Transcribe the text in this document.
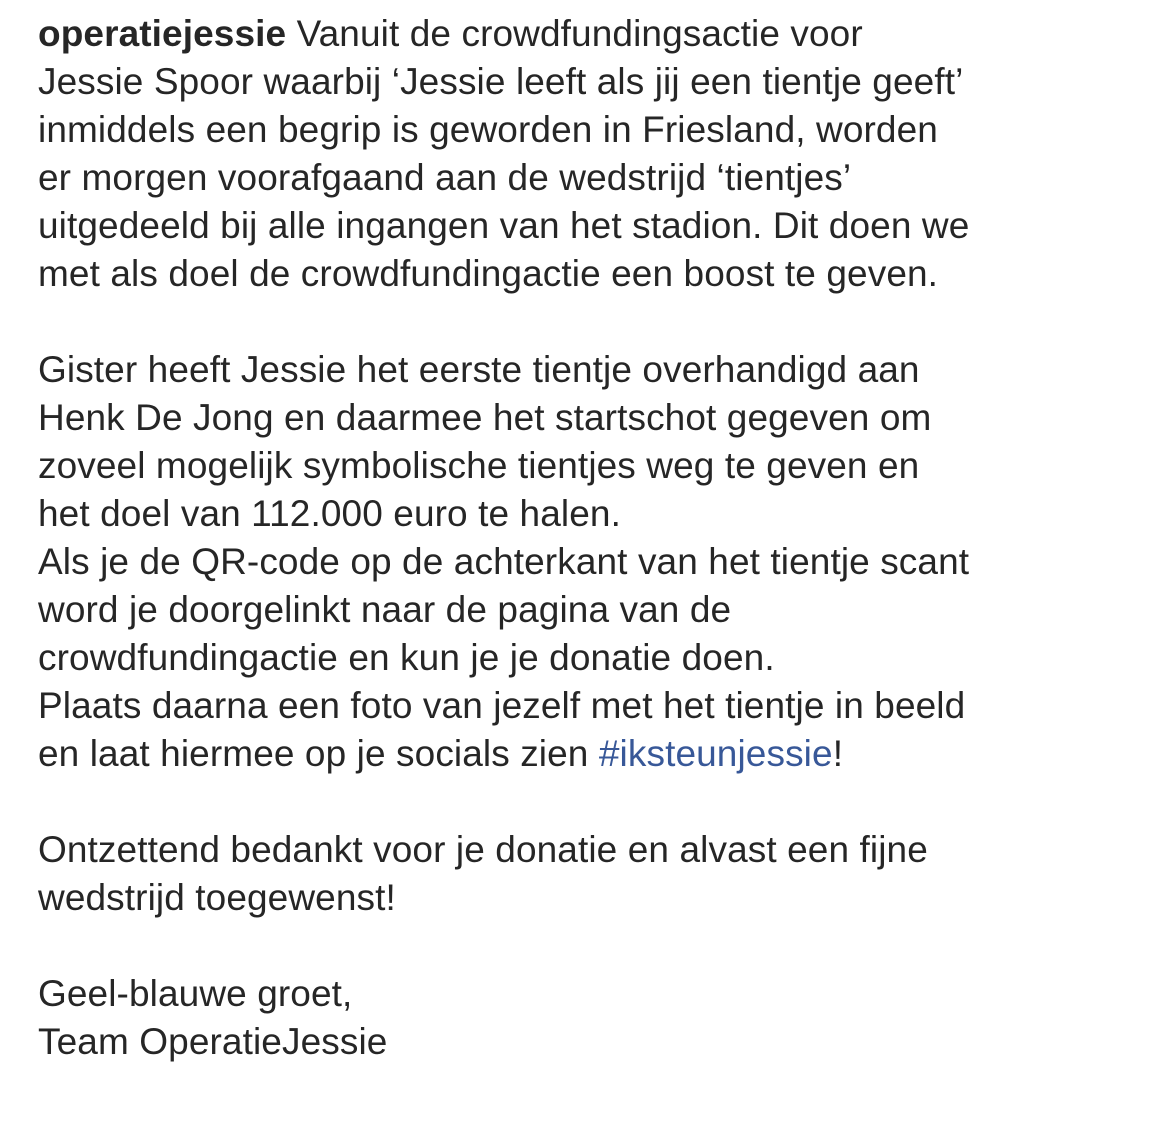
operatiejessie Vanuit de crowdfundingsactie voor
Jessie Spoor waarbij ‘Jessie leeft als jij een tientje geeft’
inmiddels een begrip is geworden in Friesland, worden
er morgen voorafgaand aan de wedstrijd ‘tientjes’
uitgedeeld bij alle ingangen van het stadion. Dit doen we
met als doel de crowdfundingactie een boost te geven.
Gister heeft Jessie het eerste tientje overhandigd aan
Henk De Jong en daarmee het startschot gegeven om
zoveel mogelijk symbolische tientjes weg te geven en
het doel van 112.000 euro te halen.
Als je de QR-code op de achterkant van het tientje scant
word je doorgelinkt naar de pagina van de
crowdfundingactie en kun je je donatie doen.
Plaats daarna een foto van jezelf met het tientje in beeld
en laat hiermee op je socials zien #iksteunjessie!
Ontzettend bedankt voor je donatie en alvast een fijne
wedstrijd toegewenst!
Geel-blauwe groet,
Team OperatieJessie
